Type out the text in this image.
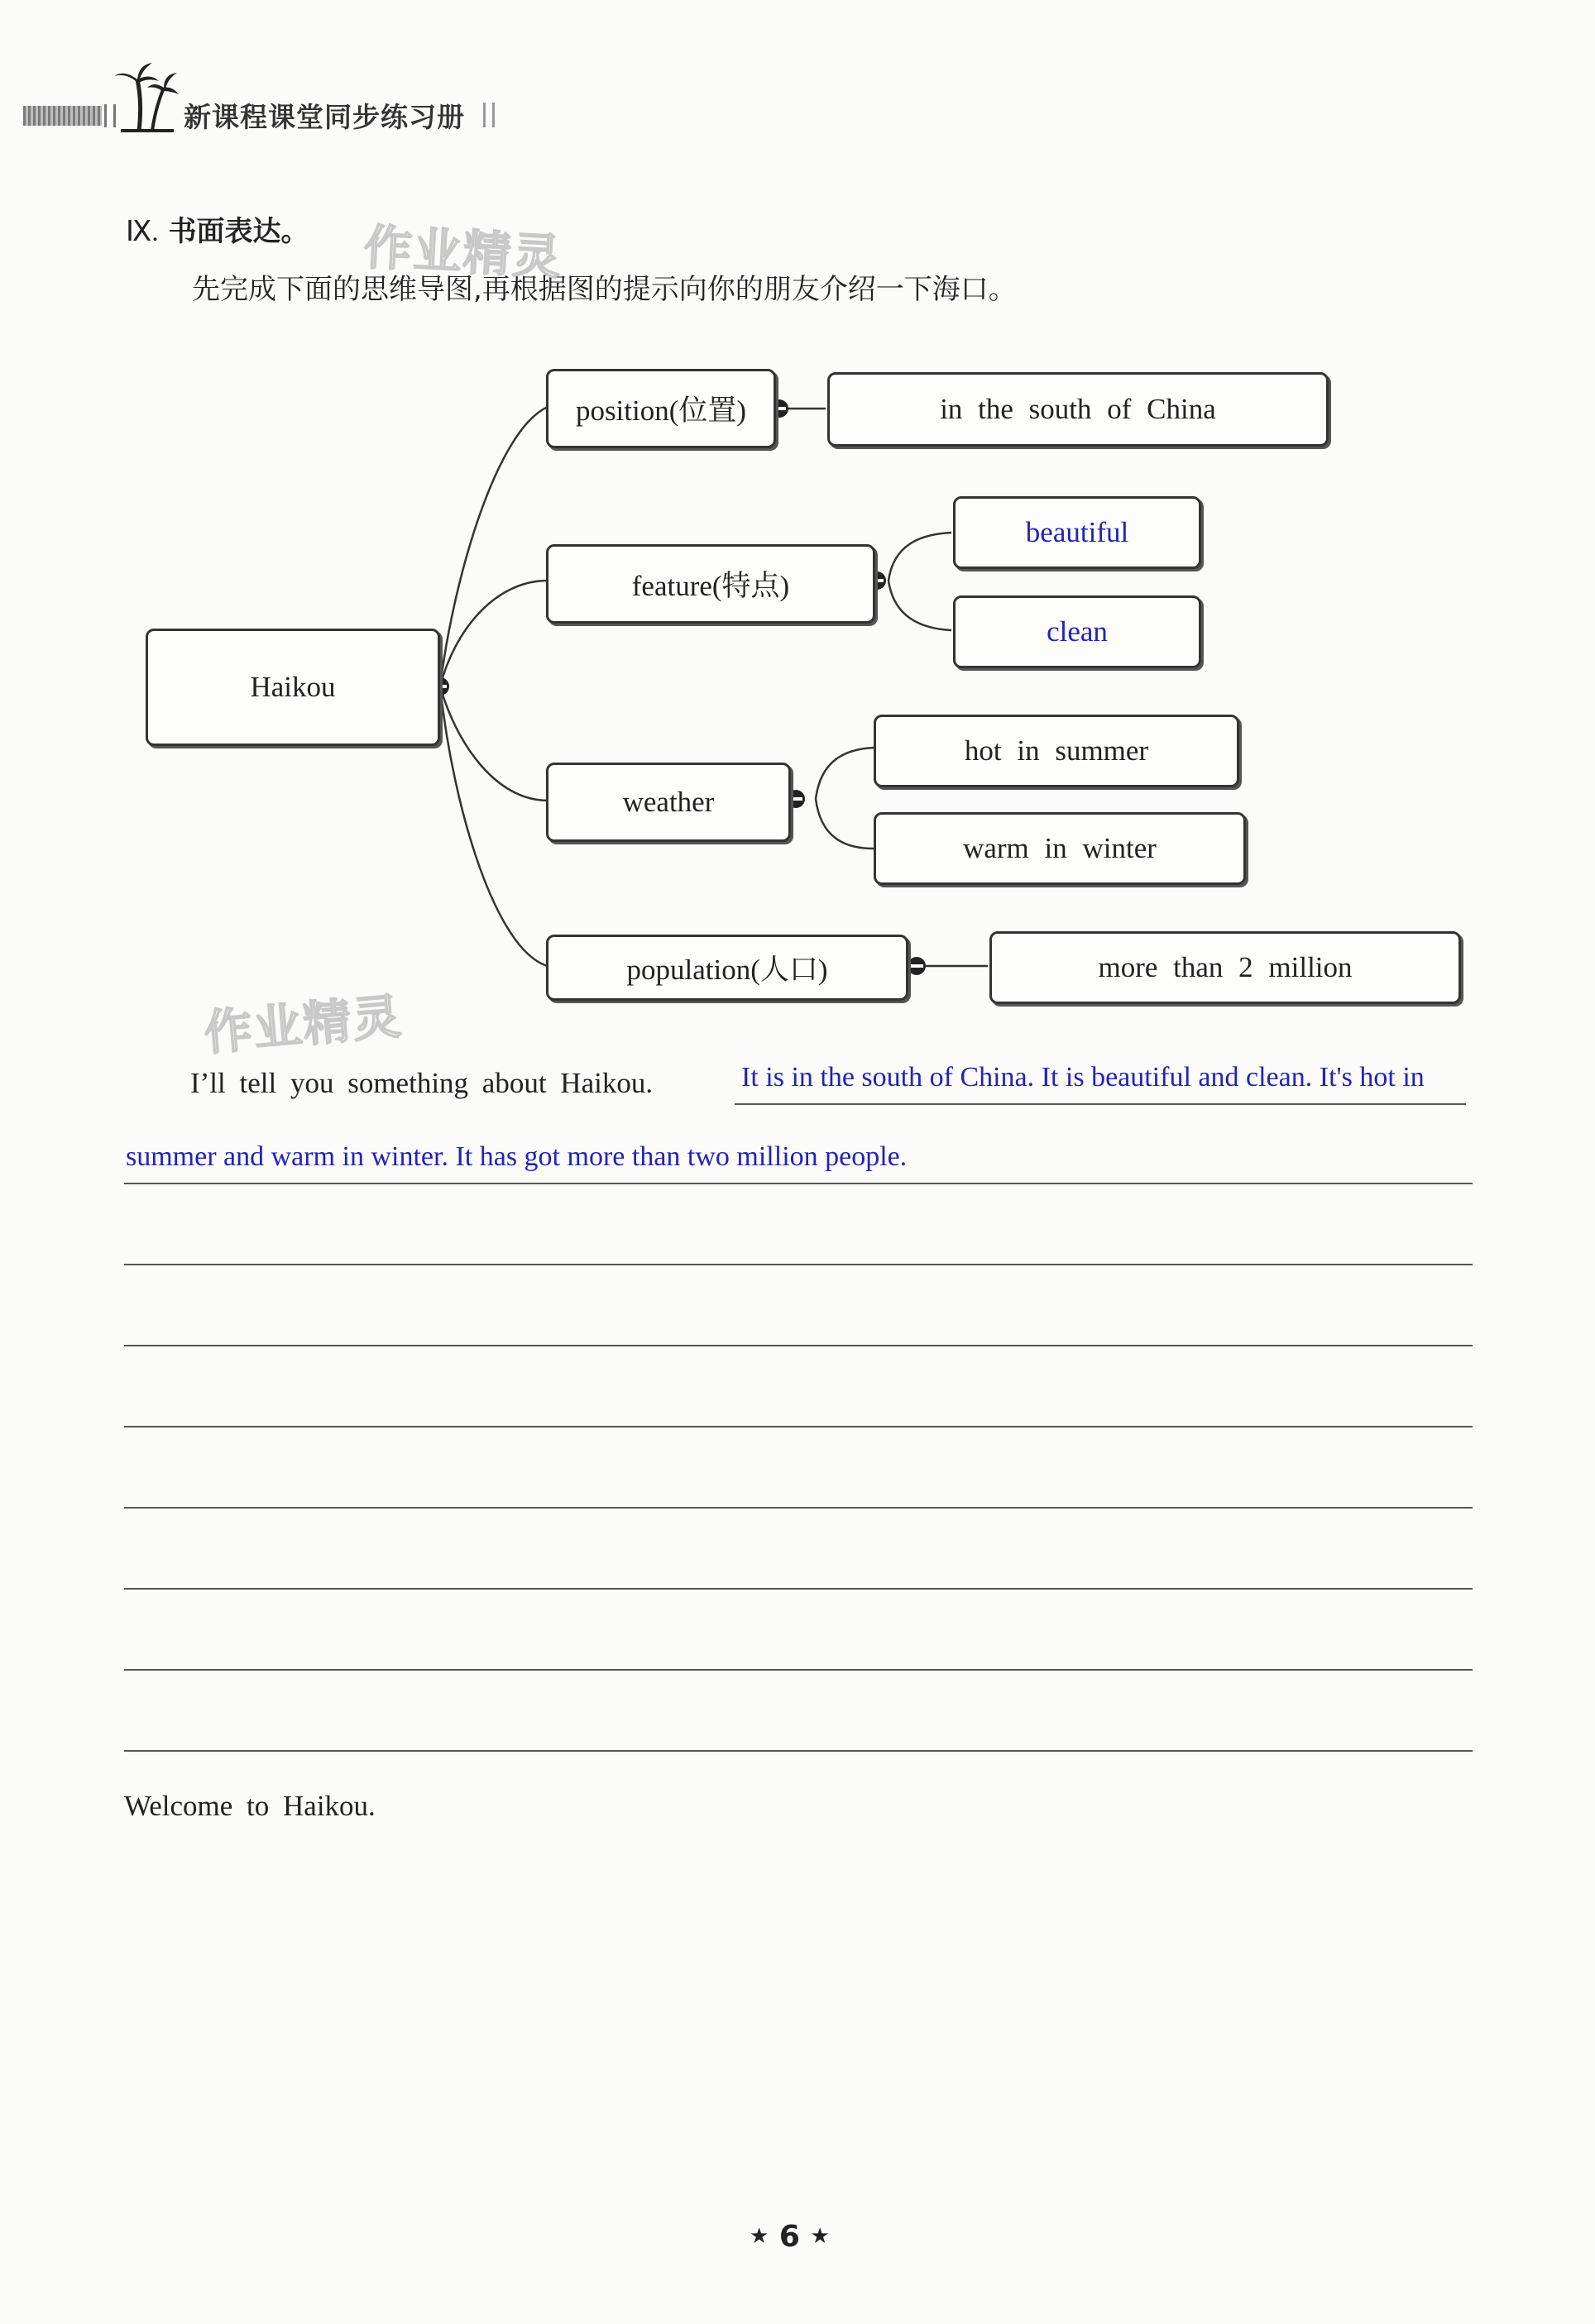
新课程课堂同步练习册
Ⅸ. 书面表达。
先完成下面的思维导图,再根据图的提示向你的朋友介绍一下海口。
作业精灵
作业精灵
Haikou
position(位置)	in the south of China
feature(特点)
beautiful
clean
weather
hot in summer
warm in winter
population(人口)	more than 2 million
I’ll tell you something about Haikou.	It is in the south of China. It is beautiful and clean. It's hot in
summer and warm in winter. It has got more than two million people.
Welcome to Haikou.
★ 6 ★
